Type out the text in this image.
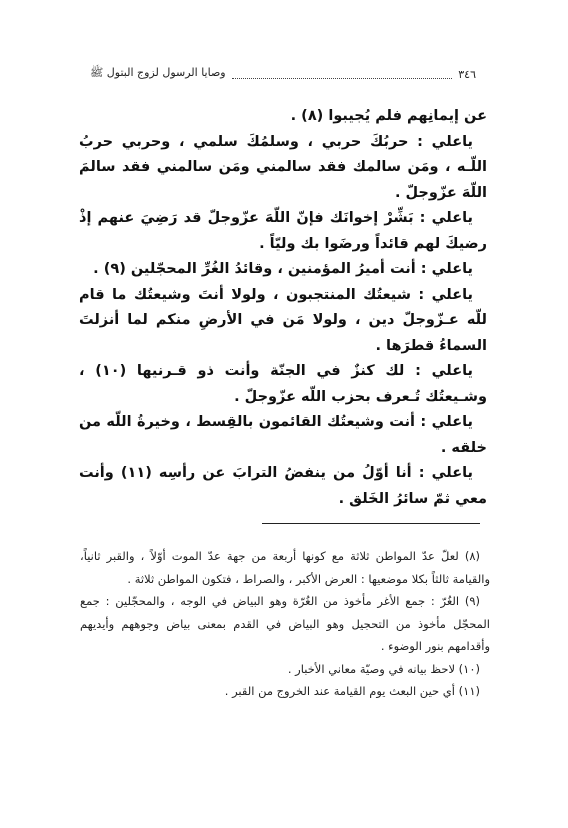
٣٤٦
وصايا الرسول لزوج البتول ﷺ

عن إيمانِهم فلم يُجيبوا (٨) .

ياعلي : حربُكَ حربي ، وسلمُكَ سلمي ، وحربي حربُ اللّـه ، ومَن سالمك فقد سالمني ومَن سالمني فقد سالمَ اللّهَ عزّوجلّ .

ياعلي : بَشِّرْ إخوانَك فإنّ اللّهَ عزّوجلّ قد رَضِيَ عنهم إذْ رضيكَ لهم قائداً ورضَوا بك وليّاً .

ياعلي : أنت أميرُ المؤمنين ، وقائدُ الغُرِّ المحجّلين (٩) .

ياعلي : شيعتُك المنتجبون ، ولولا أنتَ وشيعتُك ما قام للّه عـزّوجلّ دين ، ولولا مَن في الأرضِ منكم لما أنزلتَ السماءُ قطرَها .

ياعلي : لك كنزٌ في الجنّة وأنت ذو قـرنيها (١٠) ، وشـيعتُك تُـعرف بحزب اللّه عزّوجلّ .

ياعلي : أنت وشيعتُك القائمون بالقِسط ، وخيرةُ اللّه من خلقه .

ياعلي : أنا أوّلُ من ينفضُ الترابَ عن رأسِه (١١) وأنت معي ثمّ سائرُ الخَلق .

(٨) لعلّ عدّ المواطن ثلاثة مع كونها أربعة من جهة عدّ الموت أوّلاً ، والقبر ثانياً، والقيامة ثالثاً بكلا موضعيها : العرض الأكبر ، والصراط ، فتكون المواطن ثلاثة .

(٩) الغُرّ : جمع الأغر مأخوذ من الغُرّة وهو البياض في الوجه ، والمحجّلين : جمع المحجّل مأخوذ من التحجيل وهو البياض في القدم بمعنى بياض وجوههم وأيديهم وأقدامهم بنور الوضوء .

(١٠) لاحظ بيانه في وصيّة معاني الأخبار .

(١١) أي حين البعث يوم القيامة عند الخروج من القبر .
